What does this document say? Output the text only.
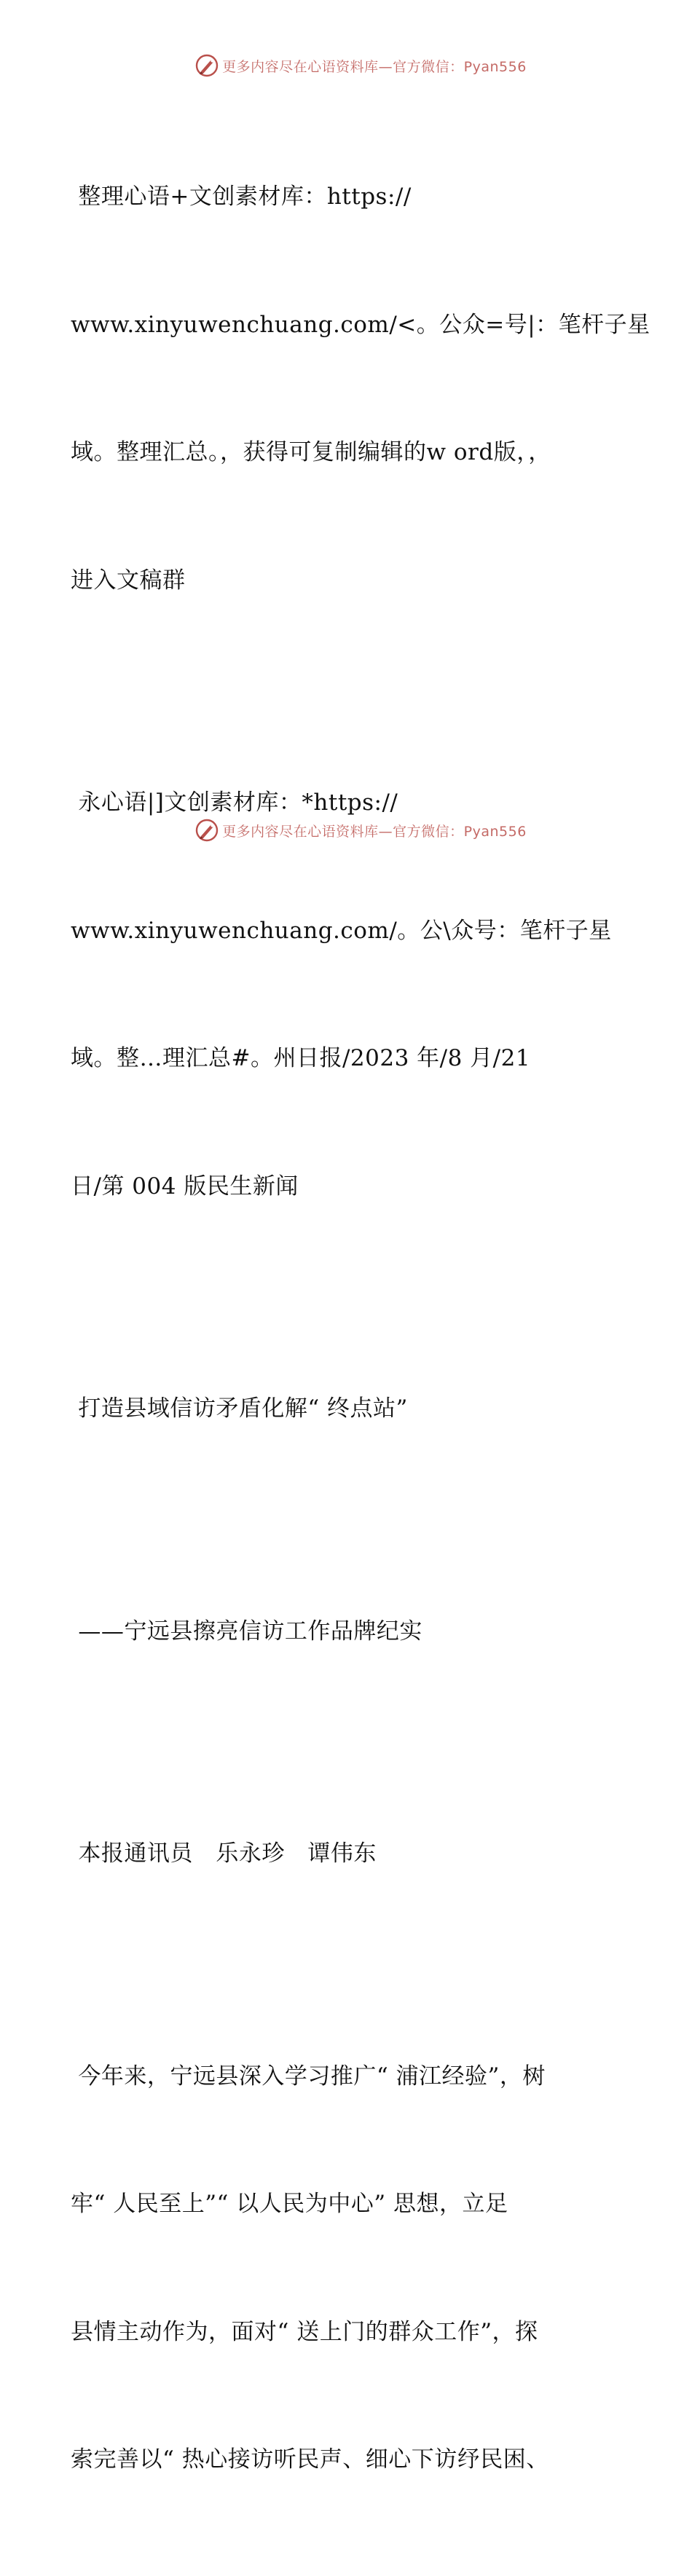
更多内容尽在心语资料库—官方微信：Pyan556

整理心语+文创素材库：https://

www.xinyuwenchuang.com/<。公众=号|：笔杆子星

域。整理汇总。，获得可复制编辑的w ord版，，

进入文稿群

永心语|]文创素材库：*https://

www.xinyuwenchuang.com/。公\众号：笔杆子星

域。整…理汇总#。州日报/2023 年/8 月/21

日/第 004 版民生新闻

打造县域信访矛盾化解“ 终点站”

——宁远县擦亮信访工作品牌纪实

本报通讯员　乐永珍　谭伟东

今年来，宁远县深入学习推广“ 浦江经验”，树

牢“ 人民至上”“ 以人民为中心” 思想，立足

县情主动作为，面对“ 送上门的群众工作”，探

索完善以“ 热心接访听民声、细心下访纾民困、

更多内容尽在心语资料库—官方微信：Pyan556
